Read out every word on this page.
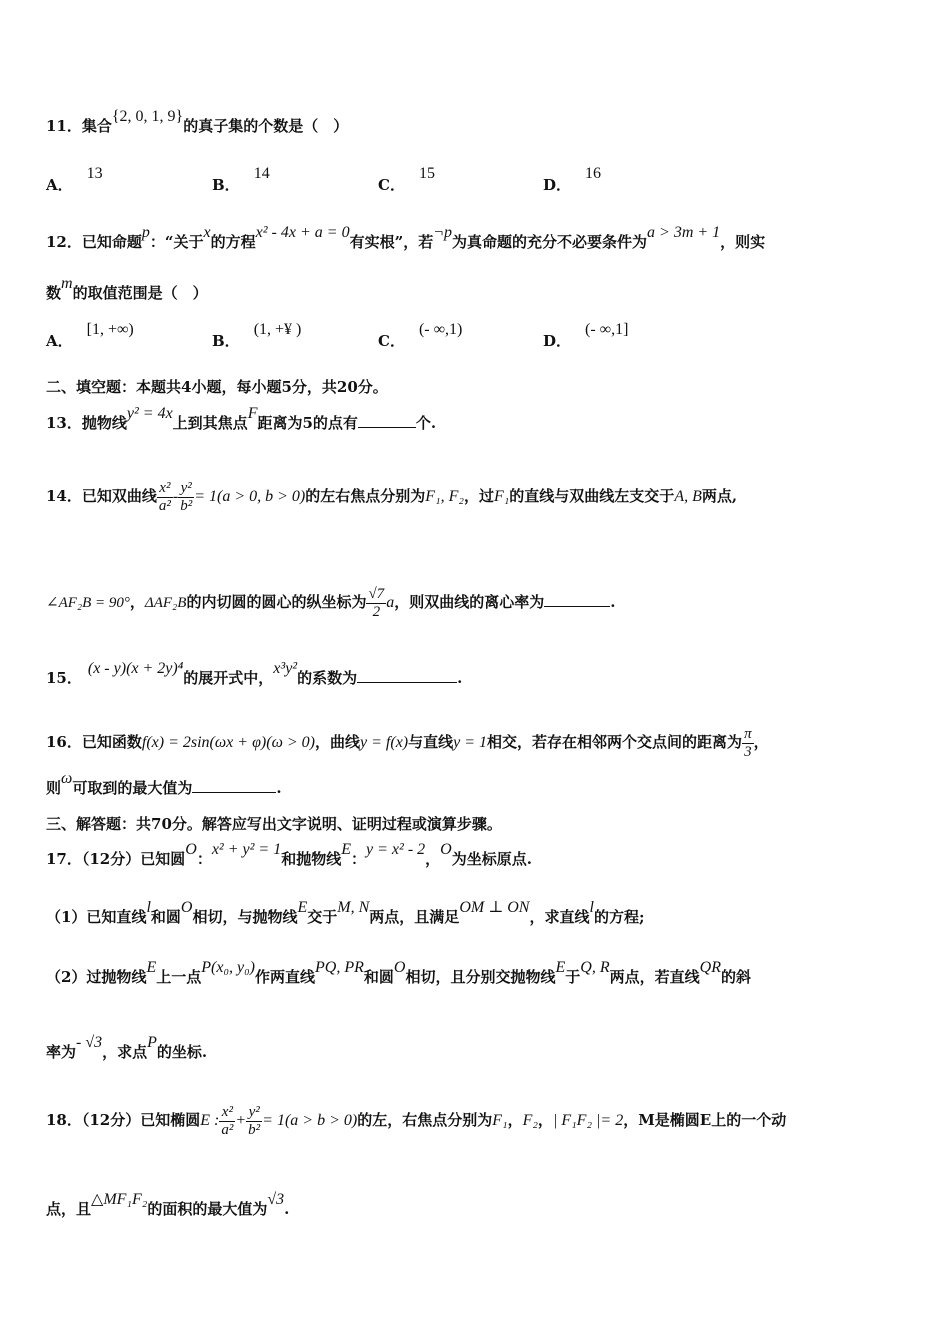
11．集合{2, 0, 1, 9}的真子集的个数是（　）
A．13
B．14
C．15
D．16
12．已知命题p：“关于x的方程x² - 4x + a = 0有实根”，若¬p为真命题的充分不必要条件为a > 3m + 1，则实
数m的取值范围是（　）
A．[1, +∞)
B．(1, +¥ )
C．(- ∞,1)
D．(- ∞,1]
二、填空题：本题共4小题，每小题5分，共20分。
13．抛物线y² = 4x上到其焦点F距离为5的点有	个.
14．已知双曲线 $\frac{\text{x²}}{\text{a²}} - \frac{\text{y²}}{\text{b²}} = 1(a > 0$, b > 0)的左右焦点分别为F₁, F₂，过F₁的直线与双曲线左支交于A, B两点,
∠AF₂B = 90°，ΔAF₂B的内切圆的圆心的纵坐标为 $\frac{√7}{2}$ a，则双曲线的离心率为	.
15．(x - y)(x + 2y)⁴的展开式中，x³y²的系数为	.
16．已知函数f(x) = 2sin(ωx + φ)(ω > 0)，曲线y = f(x)与直线y = 1相交，若存在相邻两个交点间的距离为 $\frac{\pi}{3}$ ，
则ω可取到的最大值为	.
三、解答题：共70分。解答应写出文字说明、证明过程或演算步骤。
17．（12分）已知圆O：x² + y² = 1和抛物线E：y = x² - 2，O为坐标原点.
（1）已知直线l和圆O相切，与抛物线E交于M, N两点，且满足OM ⊥ ON，求直线l的方程;
（2）过抛物线E上一点P(x₀, y₀)作两直线PQ, PR和圆O相切，且分别交抛物线E于Q, R两点，若直线QR的斜
率为- √3，求点P的坐标.
18．（12分）已知椭圆E : $\frac{\text{x²}}{\text{a²}} + \frac{\text{y²}}{\text{b²}} = 1(a > b > 0)$的左，右焦点分别为F₁，F₂，| F₁F₂ |= 2，M是椭圆E上的一个动
点，且△MF₁F₂的面积的最大值为√3.
